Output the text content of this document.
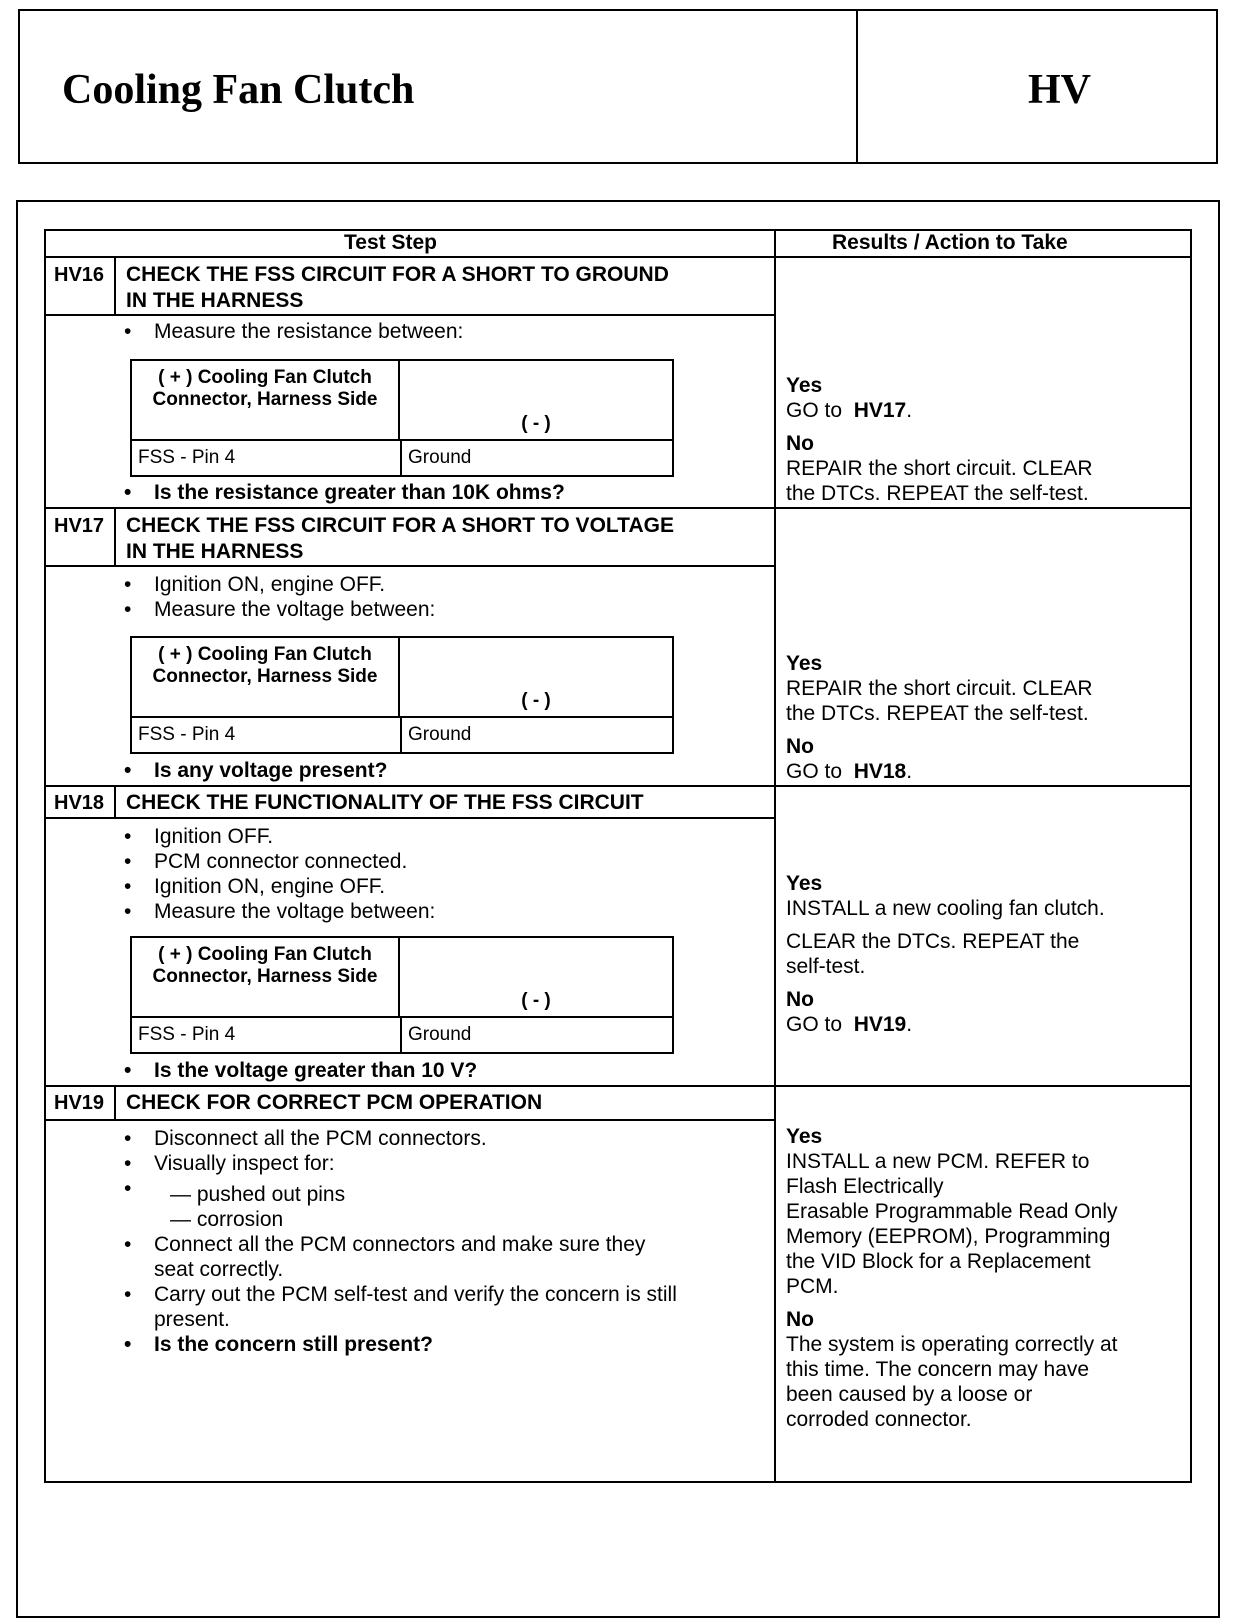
Cooling Fan Clutch	HV
Test Step	Results / Action to Take
HV16 CHECK THE FSS CIRCUIT FOR A SHORT TO GROUND
IN THE HARNESS
• Measure the resistance between:
( + ) Cooling Fan Clutch Connector, Harness Side
( - )
FSS - Pin 4	Ground
• Is the resistance greater than 10K ohms?
Yes
GO to HV17.
No
REPAIR the short circuit. CLEAR
the DTCs. REPEAT the self-test.
HV17 CHECK THE FSS CIRCUIT FOR A SHORT TO VOLTAGE
IN THE HARNESS
• Ignition ON, engine OFF.
• Measure the voltage between:
( + ) Cooling Fan Clutch Connector, Harness Side
( - )
FSS - Pin 4	Ground
• Is any voltage present?
Yes
REPAIR the short circuit. CLEAR
the DTCs. REPEAT the self-test.
No
GO to HV18.
HV18 CHECK THE FUNCTIONALITY OF THE FSS CIRCUIT
• Ignition OFF.
• PCM connector connected.
• Ignition ON, engine OFF.
• Measure the voltage between:
( + ) Cooling Fan Clutch Connector, Harness Side
( - )
FSS - Pin 4	Ground
• Is the voltage greater than 10 V?
Yes
INSTALL a new cooling fan clutch.
CLEAR the DTCs. REPEAT the
self-test.
No
GO to HV19.
HV19 CHECK FOR CORRECT PCM OPERATION
• Disconnect all the PCM connectors.
• Visually inspect for:
•
— pushed out pins
— corrosion
• Connect all the PCM connectors and make sure they
seat correctly.
• Carry out the PCM self-test and verify the concern is still
present.
• Is the concern still present?
Yes
INSTALL a new PCM. REFER to
Flash Electrically
Erasable Programmable Read Only
Memory (EEPROM), Programming
the VID Block for a Replacement
PCM.
No
The system is operating correctly at
this time. The concern may have
been caused by a loose or
corroded connector.
